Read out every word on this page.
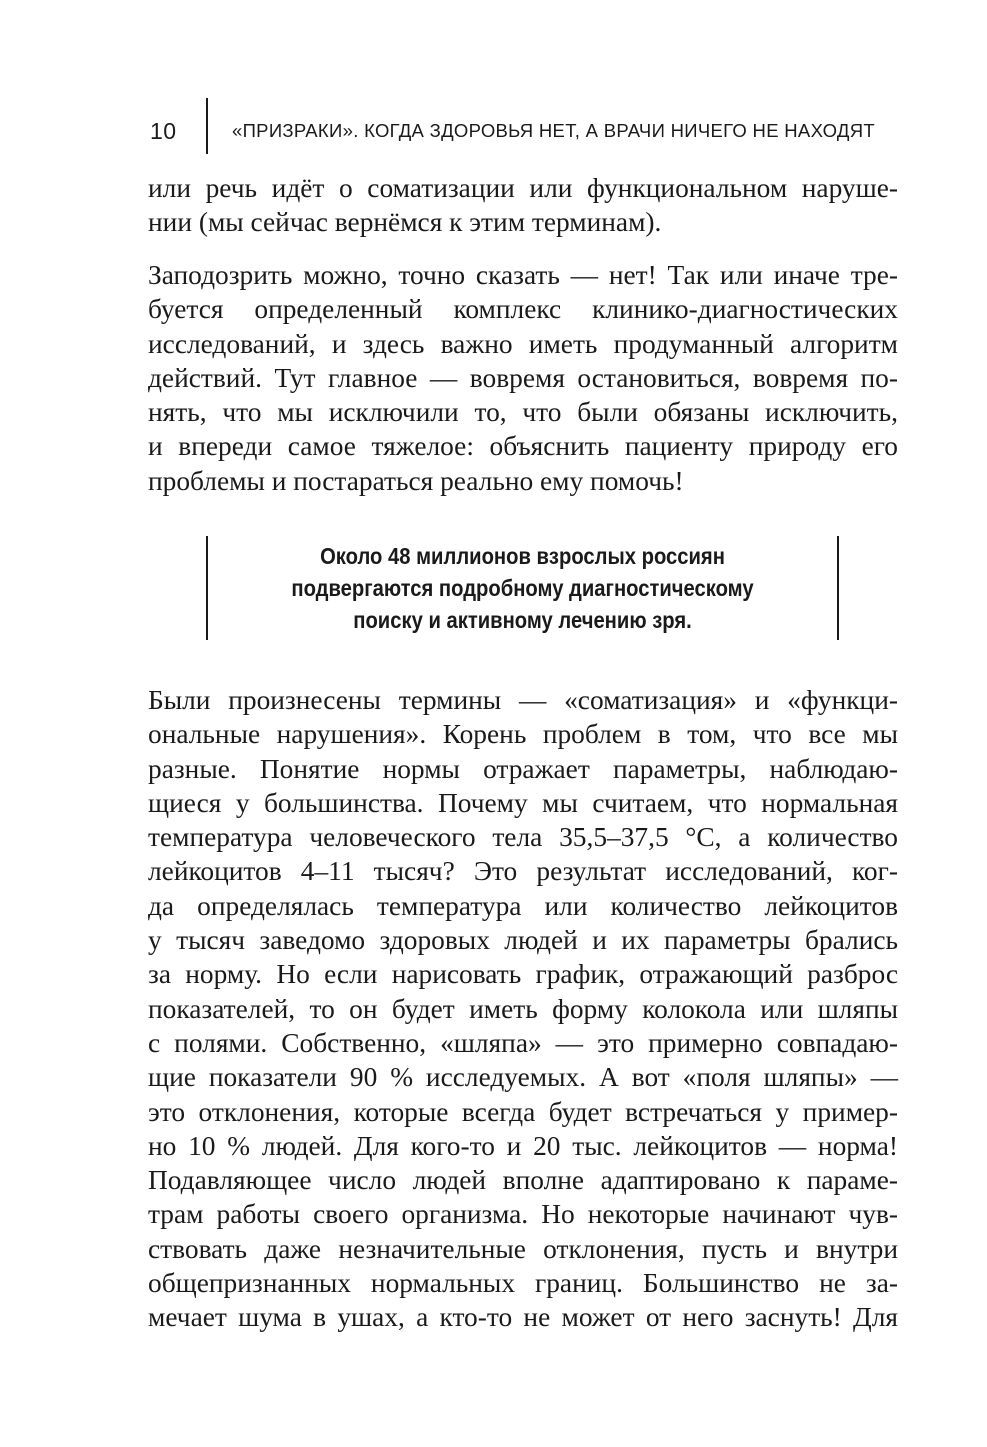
10	«ПРИЗРАКИ». КОГДА ЗДОРОВЬЯ НЕТ, А ВРАЧИ НИЧЕГО НЕ НАХОДЯТ
или речь идёт о соматизации или функциональном наруше-
нии (мы сейчас вернёмся к этим терминам).
Заподозрить можно, точно сказать — нет! Так или иначе тре-
буется определенный комплекс клинико-диагностических
исследований, и здесь важно иметь продуманный алгоритм
действий. Тут главное — вовремя остановиться, вовремя по-
нять, что мы исключили то, что были обязаны исключить,
и впереди самое тяжелое: объяснить пациенту природу его
проблемы и постараться реально ему помочь!
Около 48 миллионов взрослых россиян
подвергаются подробному диагностическому
поиску и активному лечению зря.
Были произнесены термины — «соматизация» и «функци-
ональные нарушения». Корень проблем в том, что все мы
разные. Понятие нормы отражает параметры, наблюдаю-
щиеся у большинства. Почему мы считаем, что нормальная
температура человеческого тела 35,5–37,5 °C, а количество
лейкоцитов 4–11 тысяч? Это результат исследований, ког-
да определялась температура или количество лейкоцитов
у тысяч заведомо здоровых людей и их параметры брались
за норму. Но если нарисовать график, отражающий разброс
показателей, то он будет иметь форму колокола или шляпы
с полями. Собственно, «шляпа» — это примерно совпадаю-
щие показатели 90 % исследуемых. А вот «поля шляпы» —
это отклонения, которые всегда будет встречаться у пример-
но 10 % людей. Для кого-то и 20 тыс. лейкоцитов — норма!
Подавляющее число людей вполне адаптировано к параме-
трам работы своего организма. Но некоторые начинают чув-
ствовать даже незначительные отклонения, пусть и внутри
общепризнанных нормальных границ. Большинство не за-
мечает шума в ушах, а кто-то не может от него заснуть! Для
